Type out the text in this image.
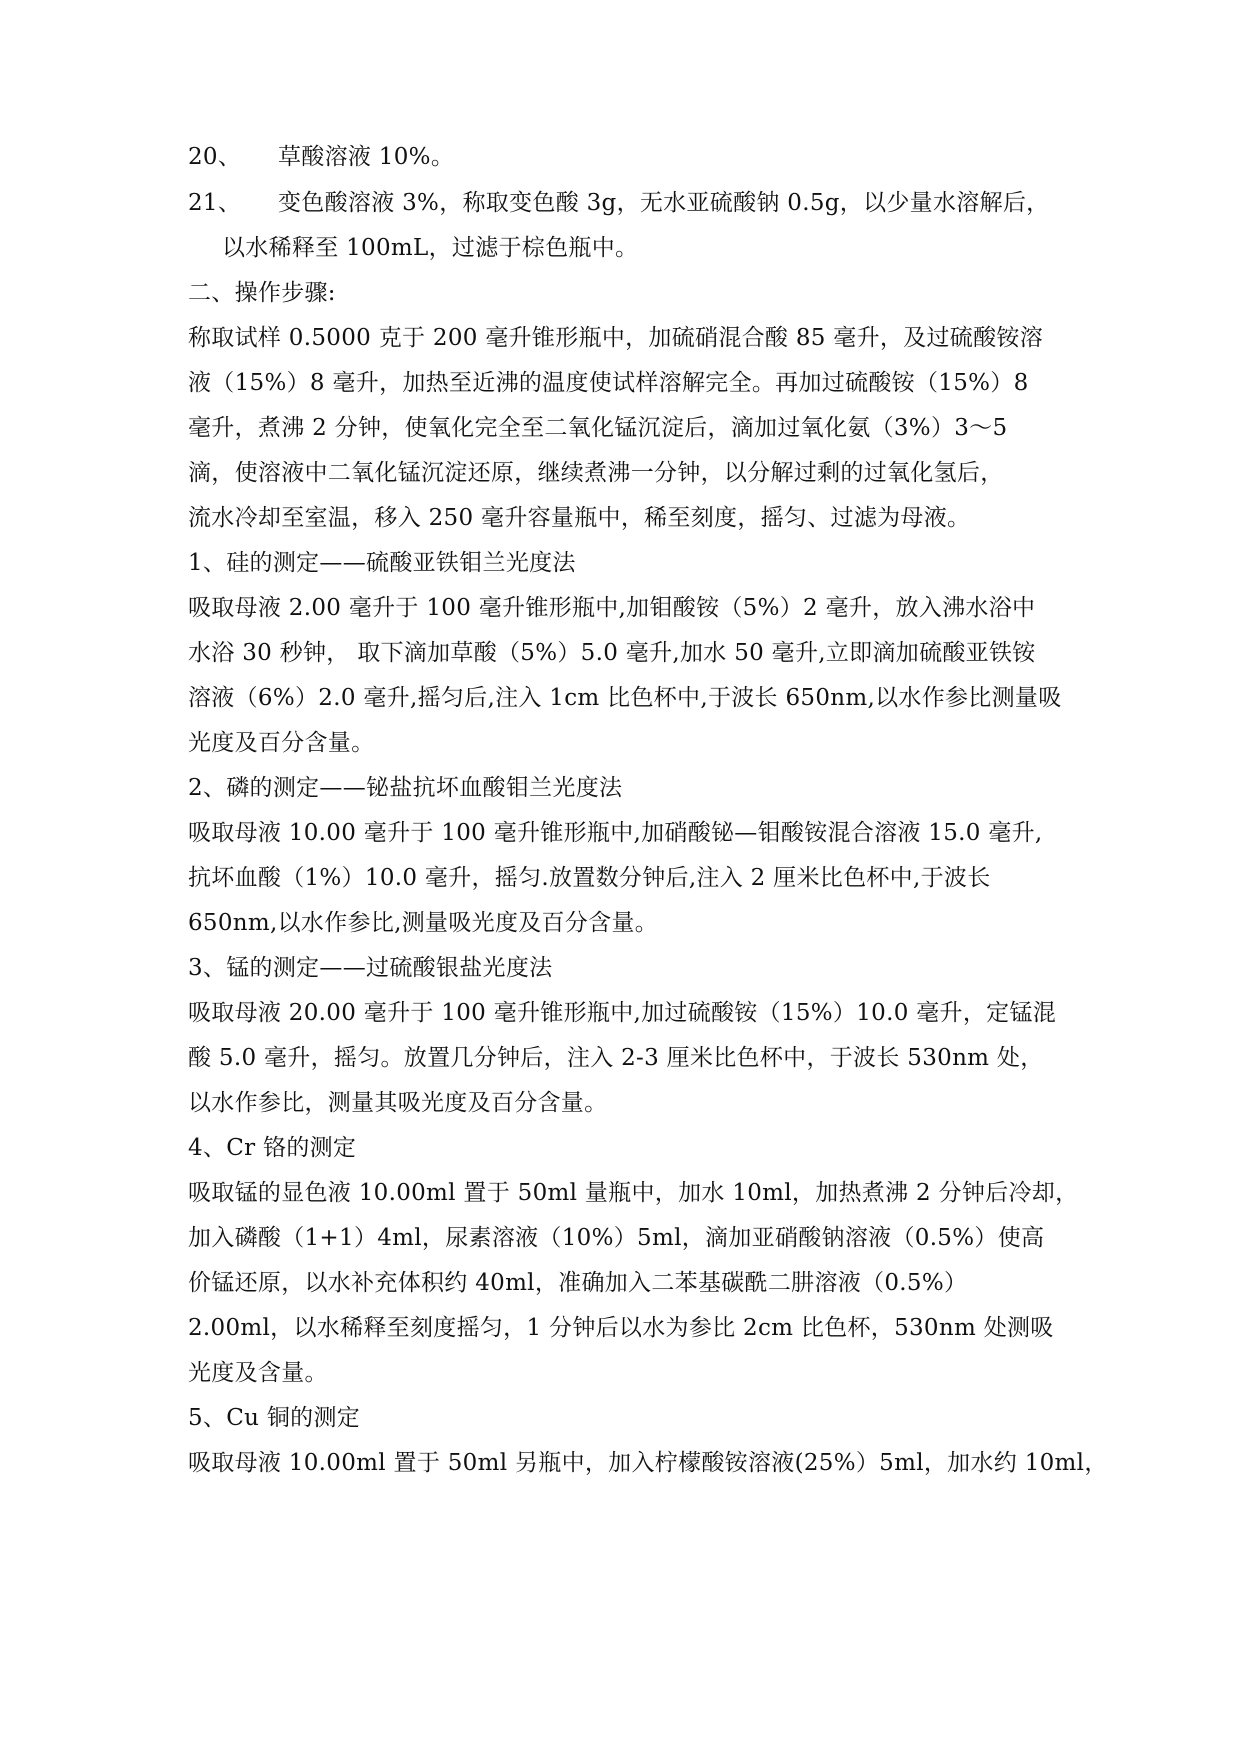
20、 草酸溶液 10%。
21、 变色酸溶液 3%，称取变色酸 3g，无水亚硫酸钠 0.5g，以少量水溶解后，
以水稀释至 100mL，过滤于棕色瓶中。
二、操作步骤:
称取试样 0.5000 克于 200 毫升锥形瓶中，加硫硝混合酸 85 毫升，及过硫酸铵溶
液（15%）8 毫升，加热至近沸的温度使试样溶解完全。再加过硫酸铵（15%）8
毫升，煮沸 2 分钟，使氧化完全至二氧化锰沉淀后，滴加过氧化氨（3%）3～5
滴，使溶液中二氧化锰沉淀还原，继续煮沸一分钟，以分解过剩的过氧化氢后，
流水冷却至室温，移入 250 毫升容量瓶中，稀至刻度，摇匀、过滤为母液。
1、硅的测定——硫酸亚铁钼兰光度法
吸取母液 2.00 毫升于 100 毫升锥形瓶中,加钼酸铵（5%）2 毫升，放入沸水浴中
水浴 30 秒钟， 取下滴加草酸（5%）5.0 毫升,加水 50 毫升,立即滴加硫酸亚铁铵
溶液（6%）2.0 毫升,摇匀后,注入 1cm 比色杯中,于波长 650nm,以水作参比测量吸
光度及百分含量。
2、磷的测定——铋盐抗坏血酸钼兰光度法
吸取母液 10.00 毫升于 100 毫升锥形瓶中,加硝酸铋—钼酸铵混合溶液 15.0 毫升,
抗坏血酸（1%）10.0 毫升，摇匀.放置数分钟后,注入 2 厘米比色杯中,于波长
650nm,以水作参比,测量吸光度及百分含量。
3、锰的测定——过硫酸银盐光度法
吸取母液 20.00 毫升于 100 毫升锥形瓶中,加过硫酸铵（15%）10.0 毫升，定锰混
酸 5.0 毫升，摇匀。放置几分钟后，注入 2-3 厘米比色杯中，于波长 530nm 处，
以水作参比，测量其吸光度及百分含量。
4、Cr 铬的测定
吸取锰的显色液 10.00ml 置于 50ml 量瓶中，加水 10ml，加热煮沸 2 分钟后冷却，
加入磷酸（1+1）4ml，尿素溶液（10%）5ml，滴加亚硝酸钠溶液（0.5%）使高
价锰还原，以水补充体积约 40ml，准确加入二苯基碳酰二肼溶液（0.5%）
2.00ml，以水稀释至刻度摇匀，1 分钟后以水为参比 2cm 比色杯，530nm 处测吸
光度及含量。
5、Cu 铜的测定
吸取母液 10.00ml 置于 50ml 另瓶中，加入柠檬酸铵溶液(25%）5ml，加水约 10ml，
